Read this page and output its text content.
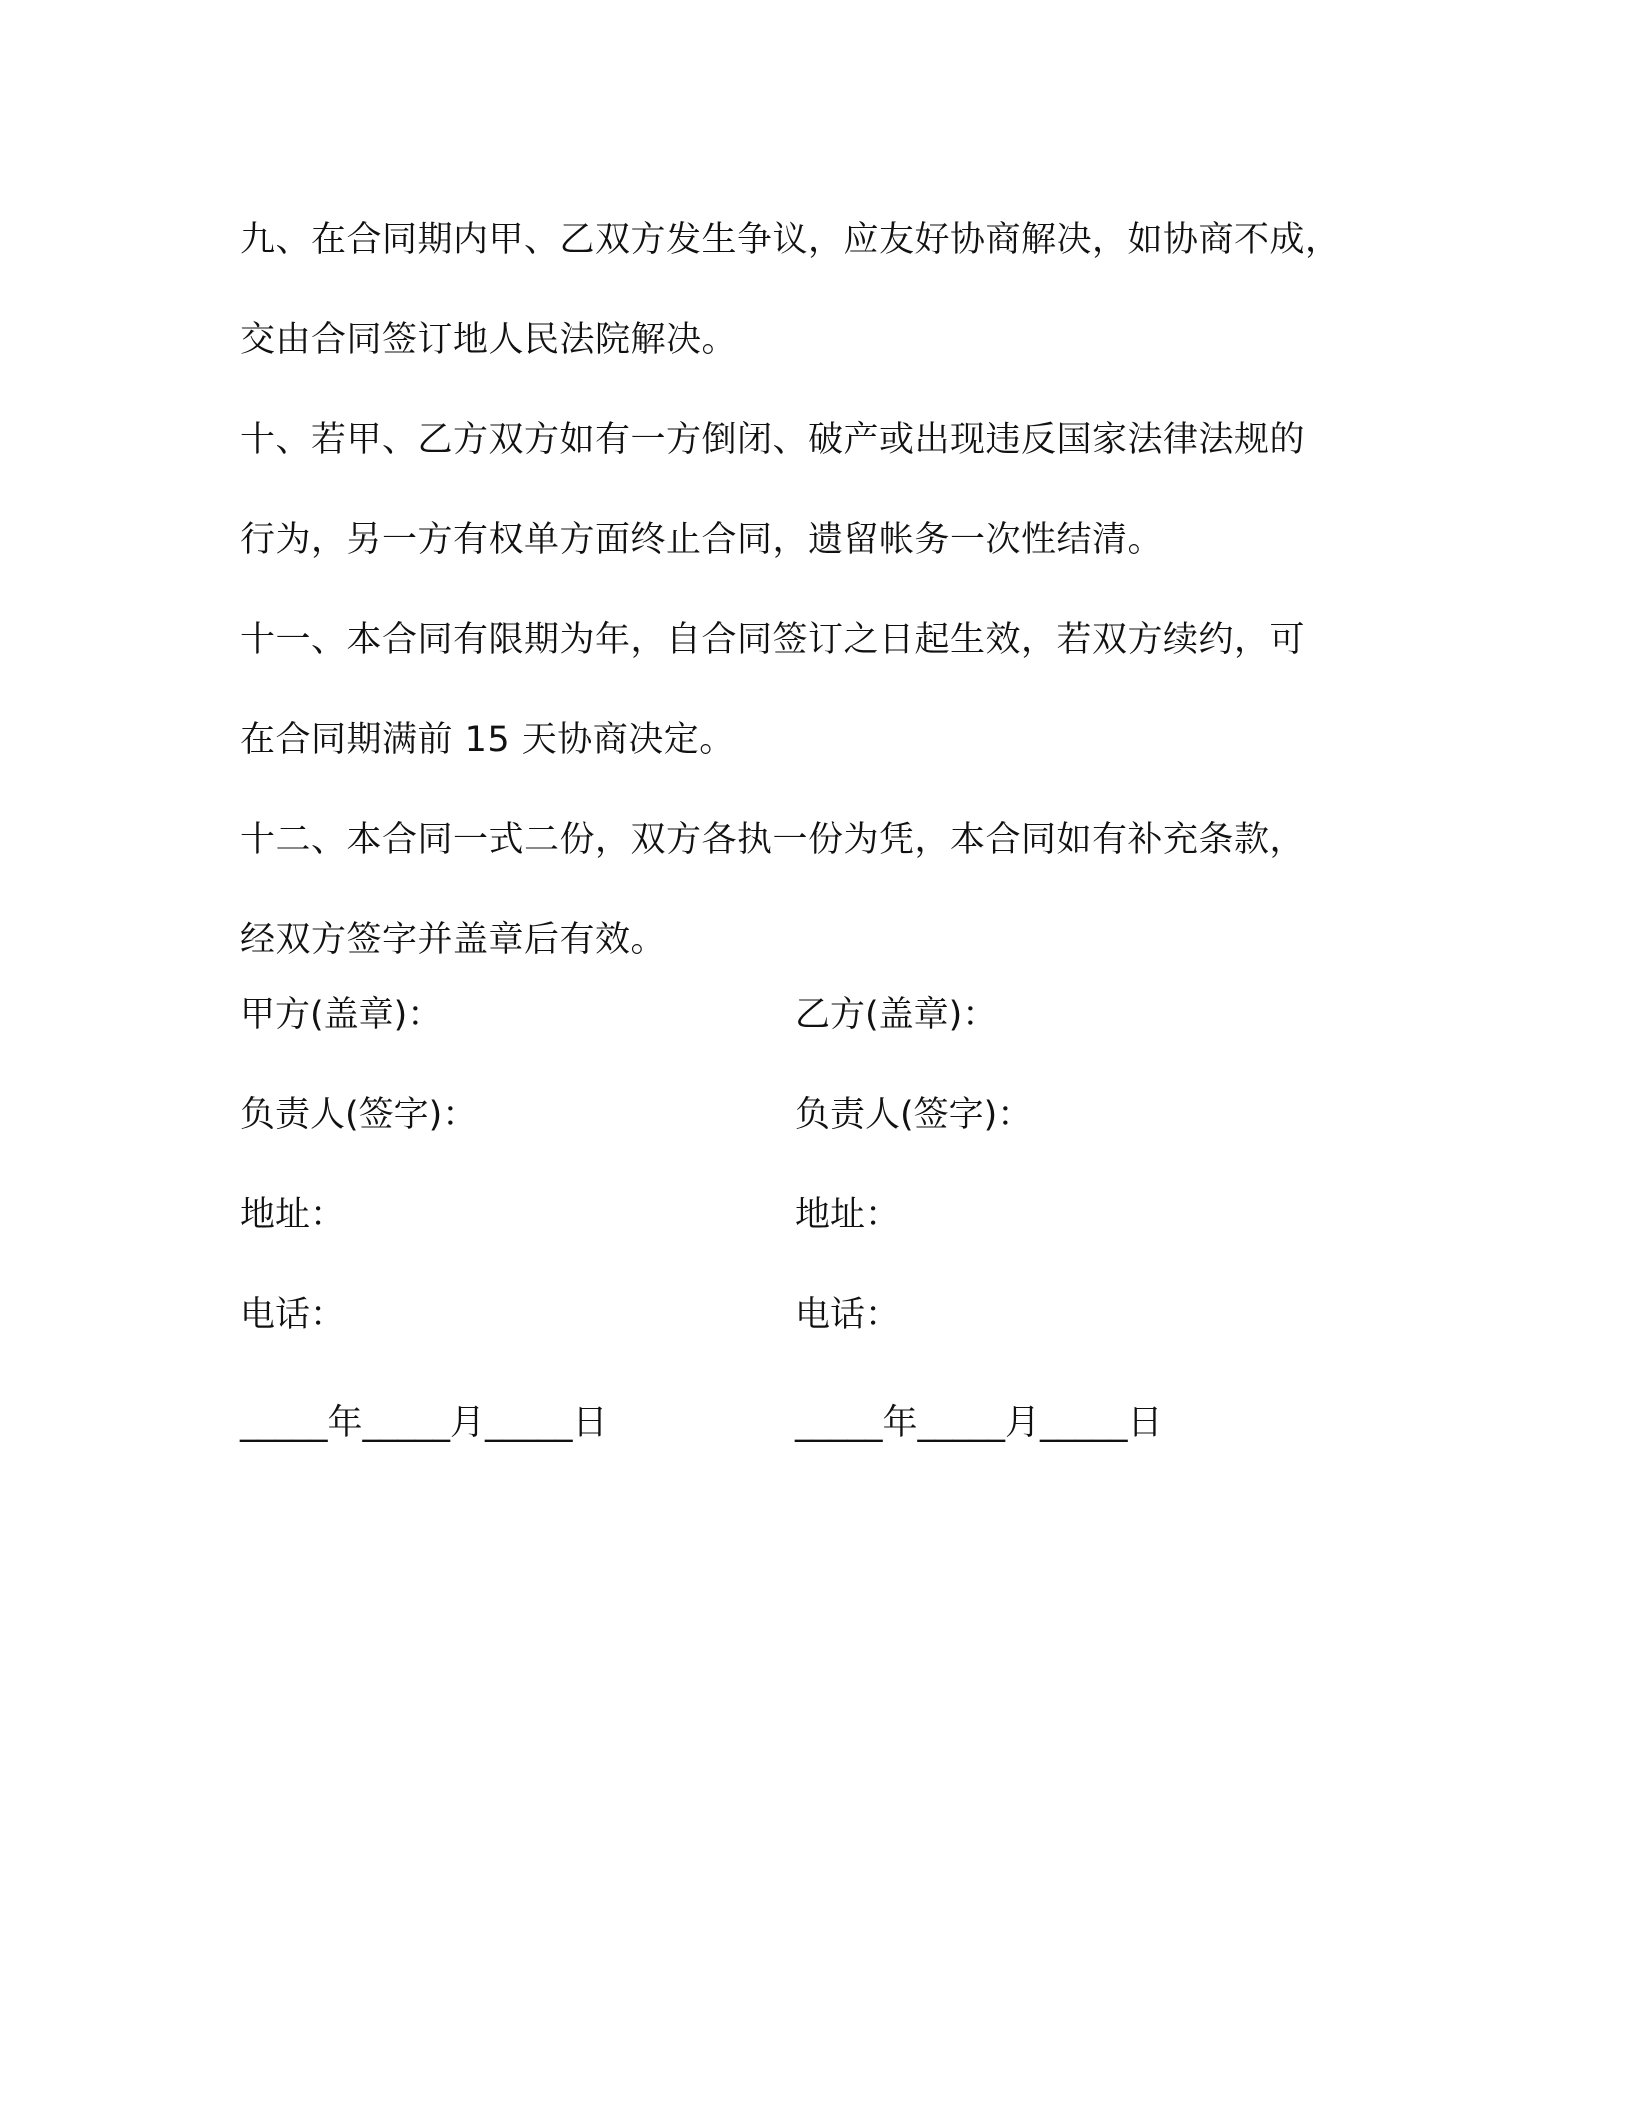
九、在合同期内甲、乙双方发生争议，应友好协商解决，如协商不成，

交由合同签订地人民法院解决。

十、若甲、乙方双方如有一方倒闭、破产或出现违反国家法律法规的

行为，另一方有权单方面终止合同，遗留帐务一次性结清。

十一、本合同有限期为年，自合同签订之日起生效，若双方续约，可

在合同期满前 15 天协商决定。

十二、本合同一式二份，双方各执一份为凭，本合同如有补充条款，

经双方签字并盖章后有效。

甲方(盖章)：	乙方(盖章)：
负责人(签字)：	负责人(签字)：
地址：	地址：
电话：	电话：
_____年_____月_____日	_____年_____月_____日
